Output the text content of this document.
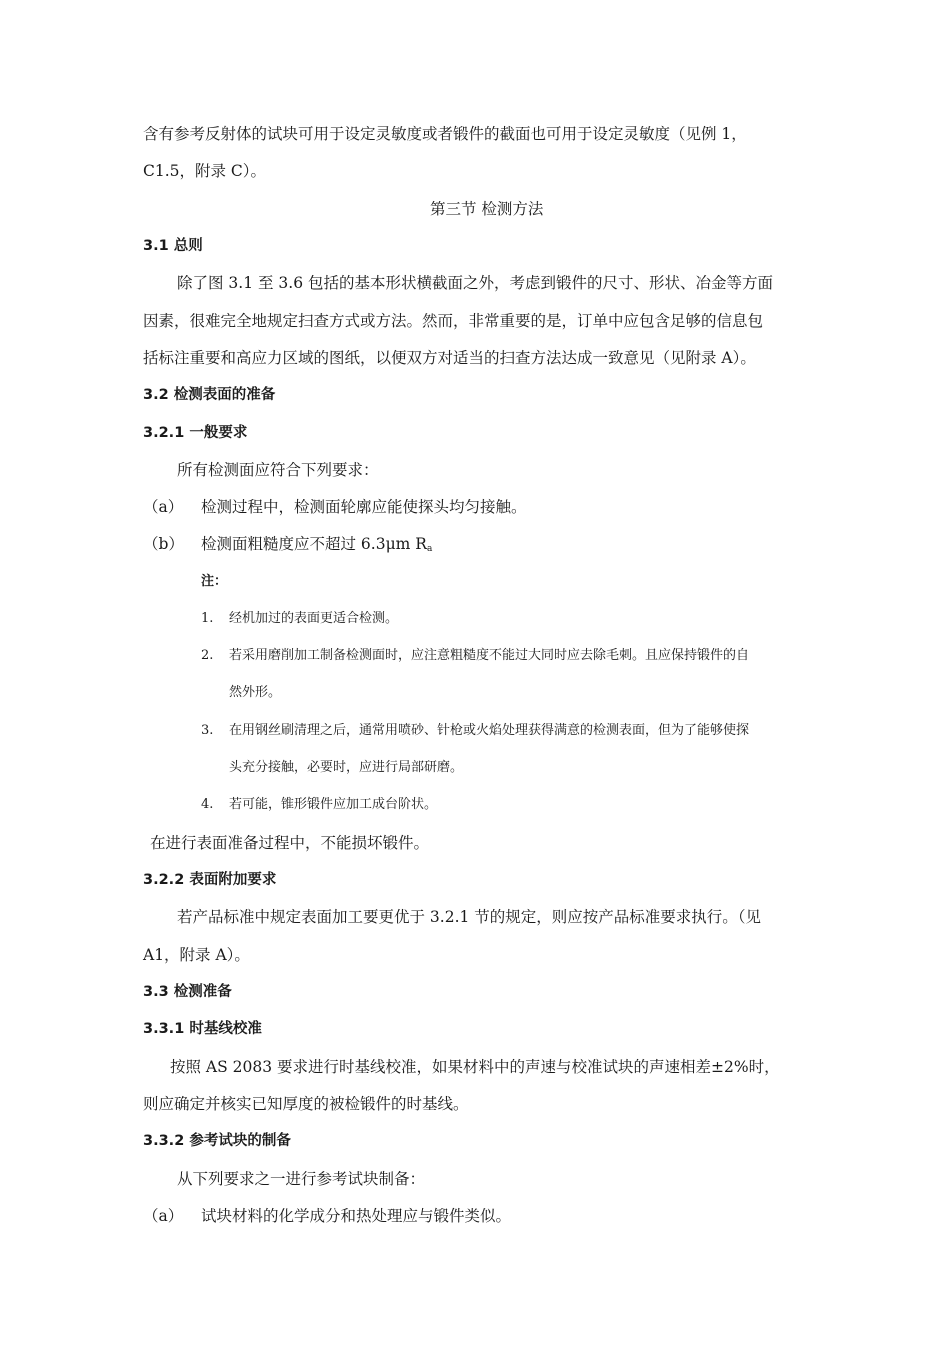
含有参考反射体的试块可用于设定灵敏度或者锻件的截面也可用于设定灵敏度（见例 1，
C1.5，附录 C）。
第三节 检测方法
3.1 总则
除了图 3.1 至 3.6 包括的基本形状横截面之外，考虑到锻件的尺寸、形状、冶金等方面
因素，很难完全地规定扫查方式或方法。然而，非常重要的是，订单中应包含足够的信息包
括标注重要和高应力区域的图纸，以便双方对适当的扫查方法达成一致意见（见附录 A）。
3.2 检测表面的准备
3.2.1 一般要求
所有检测面应符合下列要求：
（a） 检测过程中，检测面轮廓应能使探头均匀接触。
（b） 检测面粗糙度应不超过 6.3μm $R_a$
注：
1. 经机加过的表面更适合检测。
2. 若采用磨削加工制备检测面时，应注意粗糙度不能过大同时应去除毛刺。且应保持锻件的自
然外形。
3. 在用钢丝刷清理之后，通常用喷砂、针枪或火焰处理获得满意的检测表面，但为了能够使探
头充分接触，必要时，应进行局部研磨。
4. 若可能，锥形锻件应加工成台阶状。
在进行表面准备过程中，不能损坏锻件。
3.2.2 表面附加要求
若产品标准中规定表面加工要更优于 3.2.1 节的规定，则应按产品标准要求执行。（见
A1，附录 A）。
3.3 检测准备
3.3.1 时基线校准
按照 AS 2083 要求进行时基线校准，如果材料中的声速与校准试块的声速相差±2%时，
则应确定并核实已知厚度的被检锻件的时基线。
3.3.2 参考试块的制备
从下列要求之一进行参考试块制备：
（a） 试块材料的化学成分和热处理应与锻件类似。
